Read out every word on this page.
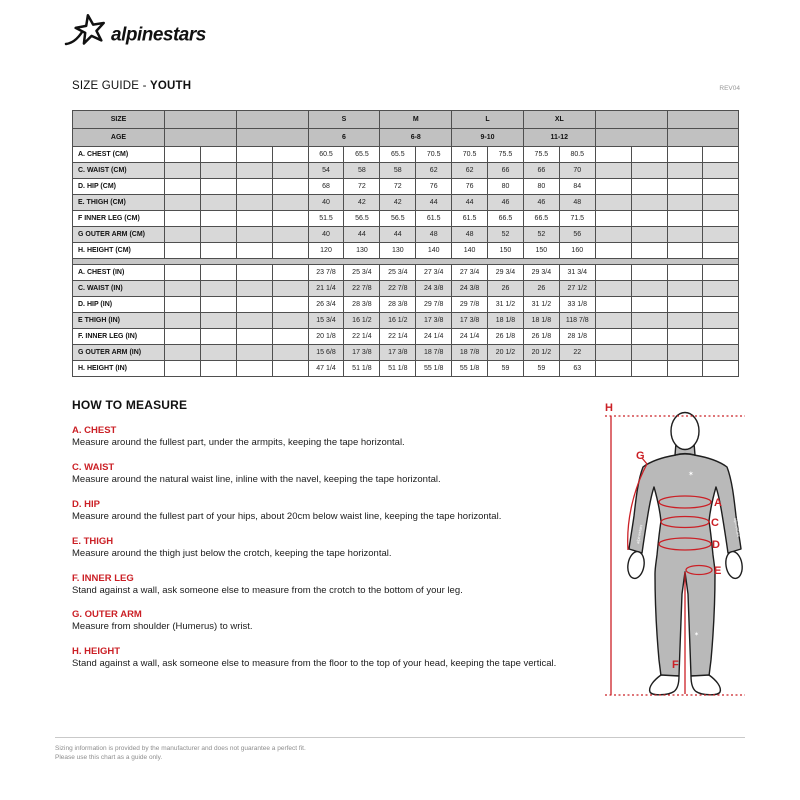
alpinestars
SIZE GUIDE - YOUTH	REV04
SIZE					S		M		L		XL					
AGE					6		6-8		9-10		11-12					
A. CHEST (CM)					60.5	65.5	65.5	70.5	70.5	75.5	75.5	80.5				
C. WAIST (CM)					54	58	58	62	62	66	66	70				
D. HIP (CM)					68	72	72	76	76	80	80	84				
E. THIGH (CM)					40	42	42	44	44	46	46	48				
F INNER LEG (CM)					51.5	56.5	56.5	61.5	61.5	66.5	66.5	71.5				
G OUTER ARM (CM)					40	44	44	48	48	52	52	56				
H. HEIGHT (CM)					120	130	130	140	140	150	150	160				

A. CHEST (IN)					23 7/8	25 3/4	25 3/4	27 3/4	27 3/4	29 3/4	29 3/4	31 3/4				
C. WAIST (IN)					21 1/4	22 7/8	22 7/8	24 3/8	24 3/8	26	26	27 1/2				
D. HIP (IN)					26 3/4	28 3/8	28 3/8	29 7/8	29 7/8	31 1/2	31 1/2	33 1/8				
E THIGH (IN)					15 3/4	16 1/2	16 1/2	17 3/8	17 3/8	18 1/8	18 1/8	118 7/8				
F. INNER LEG (IN)					20 1/8	22 1/4	22 1/4	24 1/4	24 1/4	26 1/8	26 1/8	28 1/8				
G OUTER ARM (IN)					15 6/8	17 3/8	17 3/8	18 7/8	18 7/8	20 1/2	20 1/2	22				
H. HEIGHT (IN)					47 1/4	51 1/8	51 1/8	55 1/8	55 1/8	59	59	63				
HOW TO MEASURE
A. CHEST

Measure around the fullest part, under the armpits, keeping the tape horizontal.

C. WAIST

Measure around the natural waist line, inline with the navel, keeping the tape horizontal.

D. HIP

Measure around the fullest part of your hips, about 20cm below waist line, keeping the tape horizontal.

E. THIGH

Measure around the thigh just below the crotch, keeping the tape horizontal.

F. INNER LEG

Stand against a wall, ask someone else to measure from the crotch to the bottom of your leg.

G. OUTER ARM

Measure from shoulder (Humerus) to wrist.

H. HEIGHT

Stand against a wall, ask someone else to measure from the floor to the top of your head, keeping the tape vertical.

✶
✶
alpinestars	alpinestars
H
G
A
C
D
E
F
Sizing information is provided by the manufacturer and does not guarantee a perfect fit.
Please use this chart as a guide only.
